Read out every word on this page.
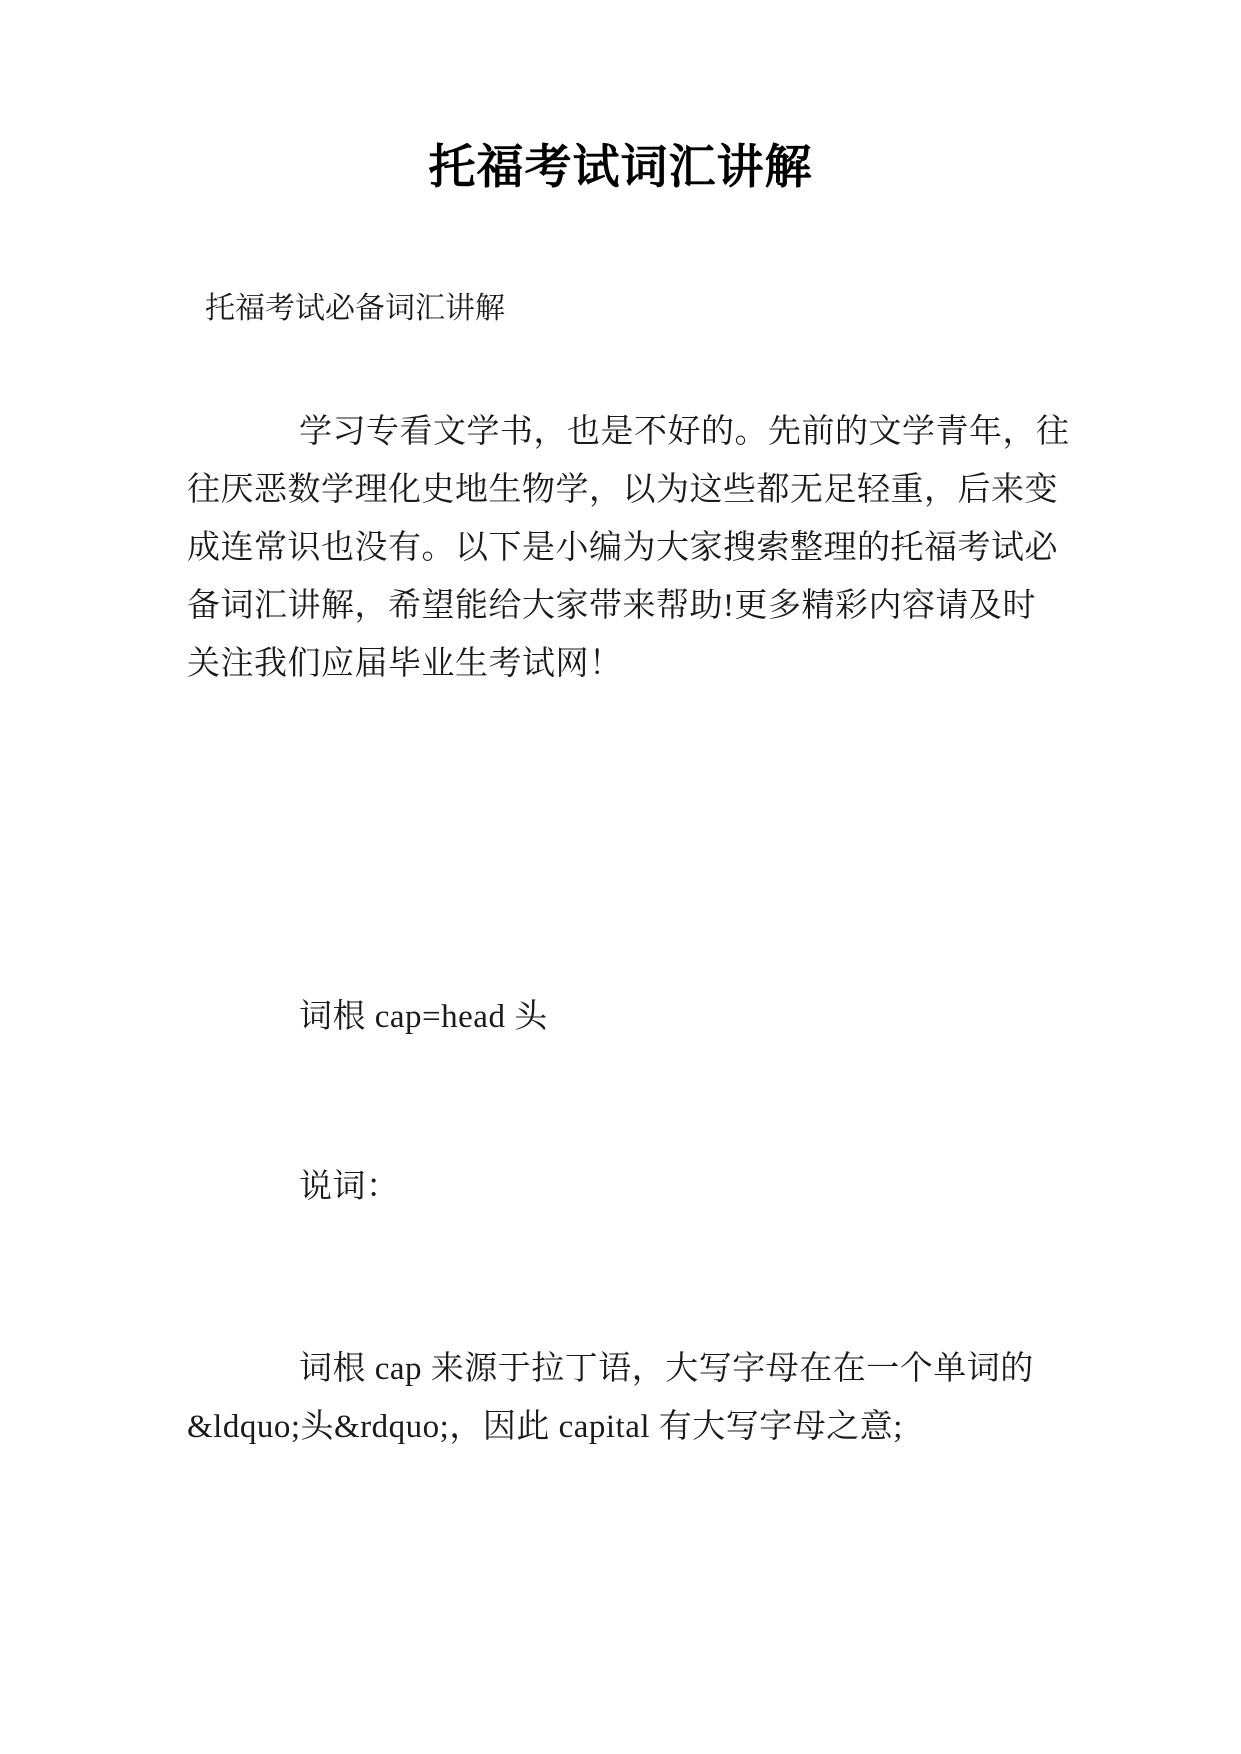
托福考试词汇讲解

托福考试必备词汇讲解

学习专看文学书，也是不好的。先前的文学青年，往
往厌恶数学理化史地生物学，以为这些都无足轻重，后来变
成连常识也没有。以下是小编为大家搜索整理的托福考试必
备词汇讲解，希望能给大家带来帮助!更多精彩内容请及时
关注我们应届毕业生考试网！

词根 cap=head 头

说词：

词根 cap 来源于拉丁语，大写字母在在一个单词的
&ldquo;头&rdquo;，因此 capital 有大写字母之意;
